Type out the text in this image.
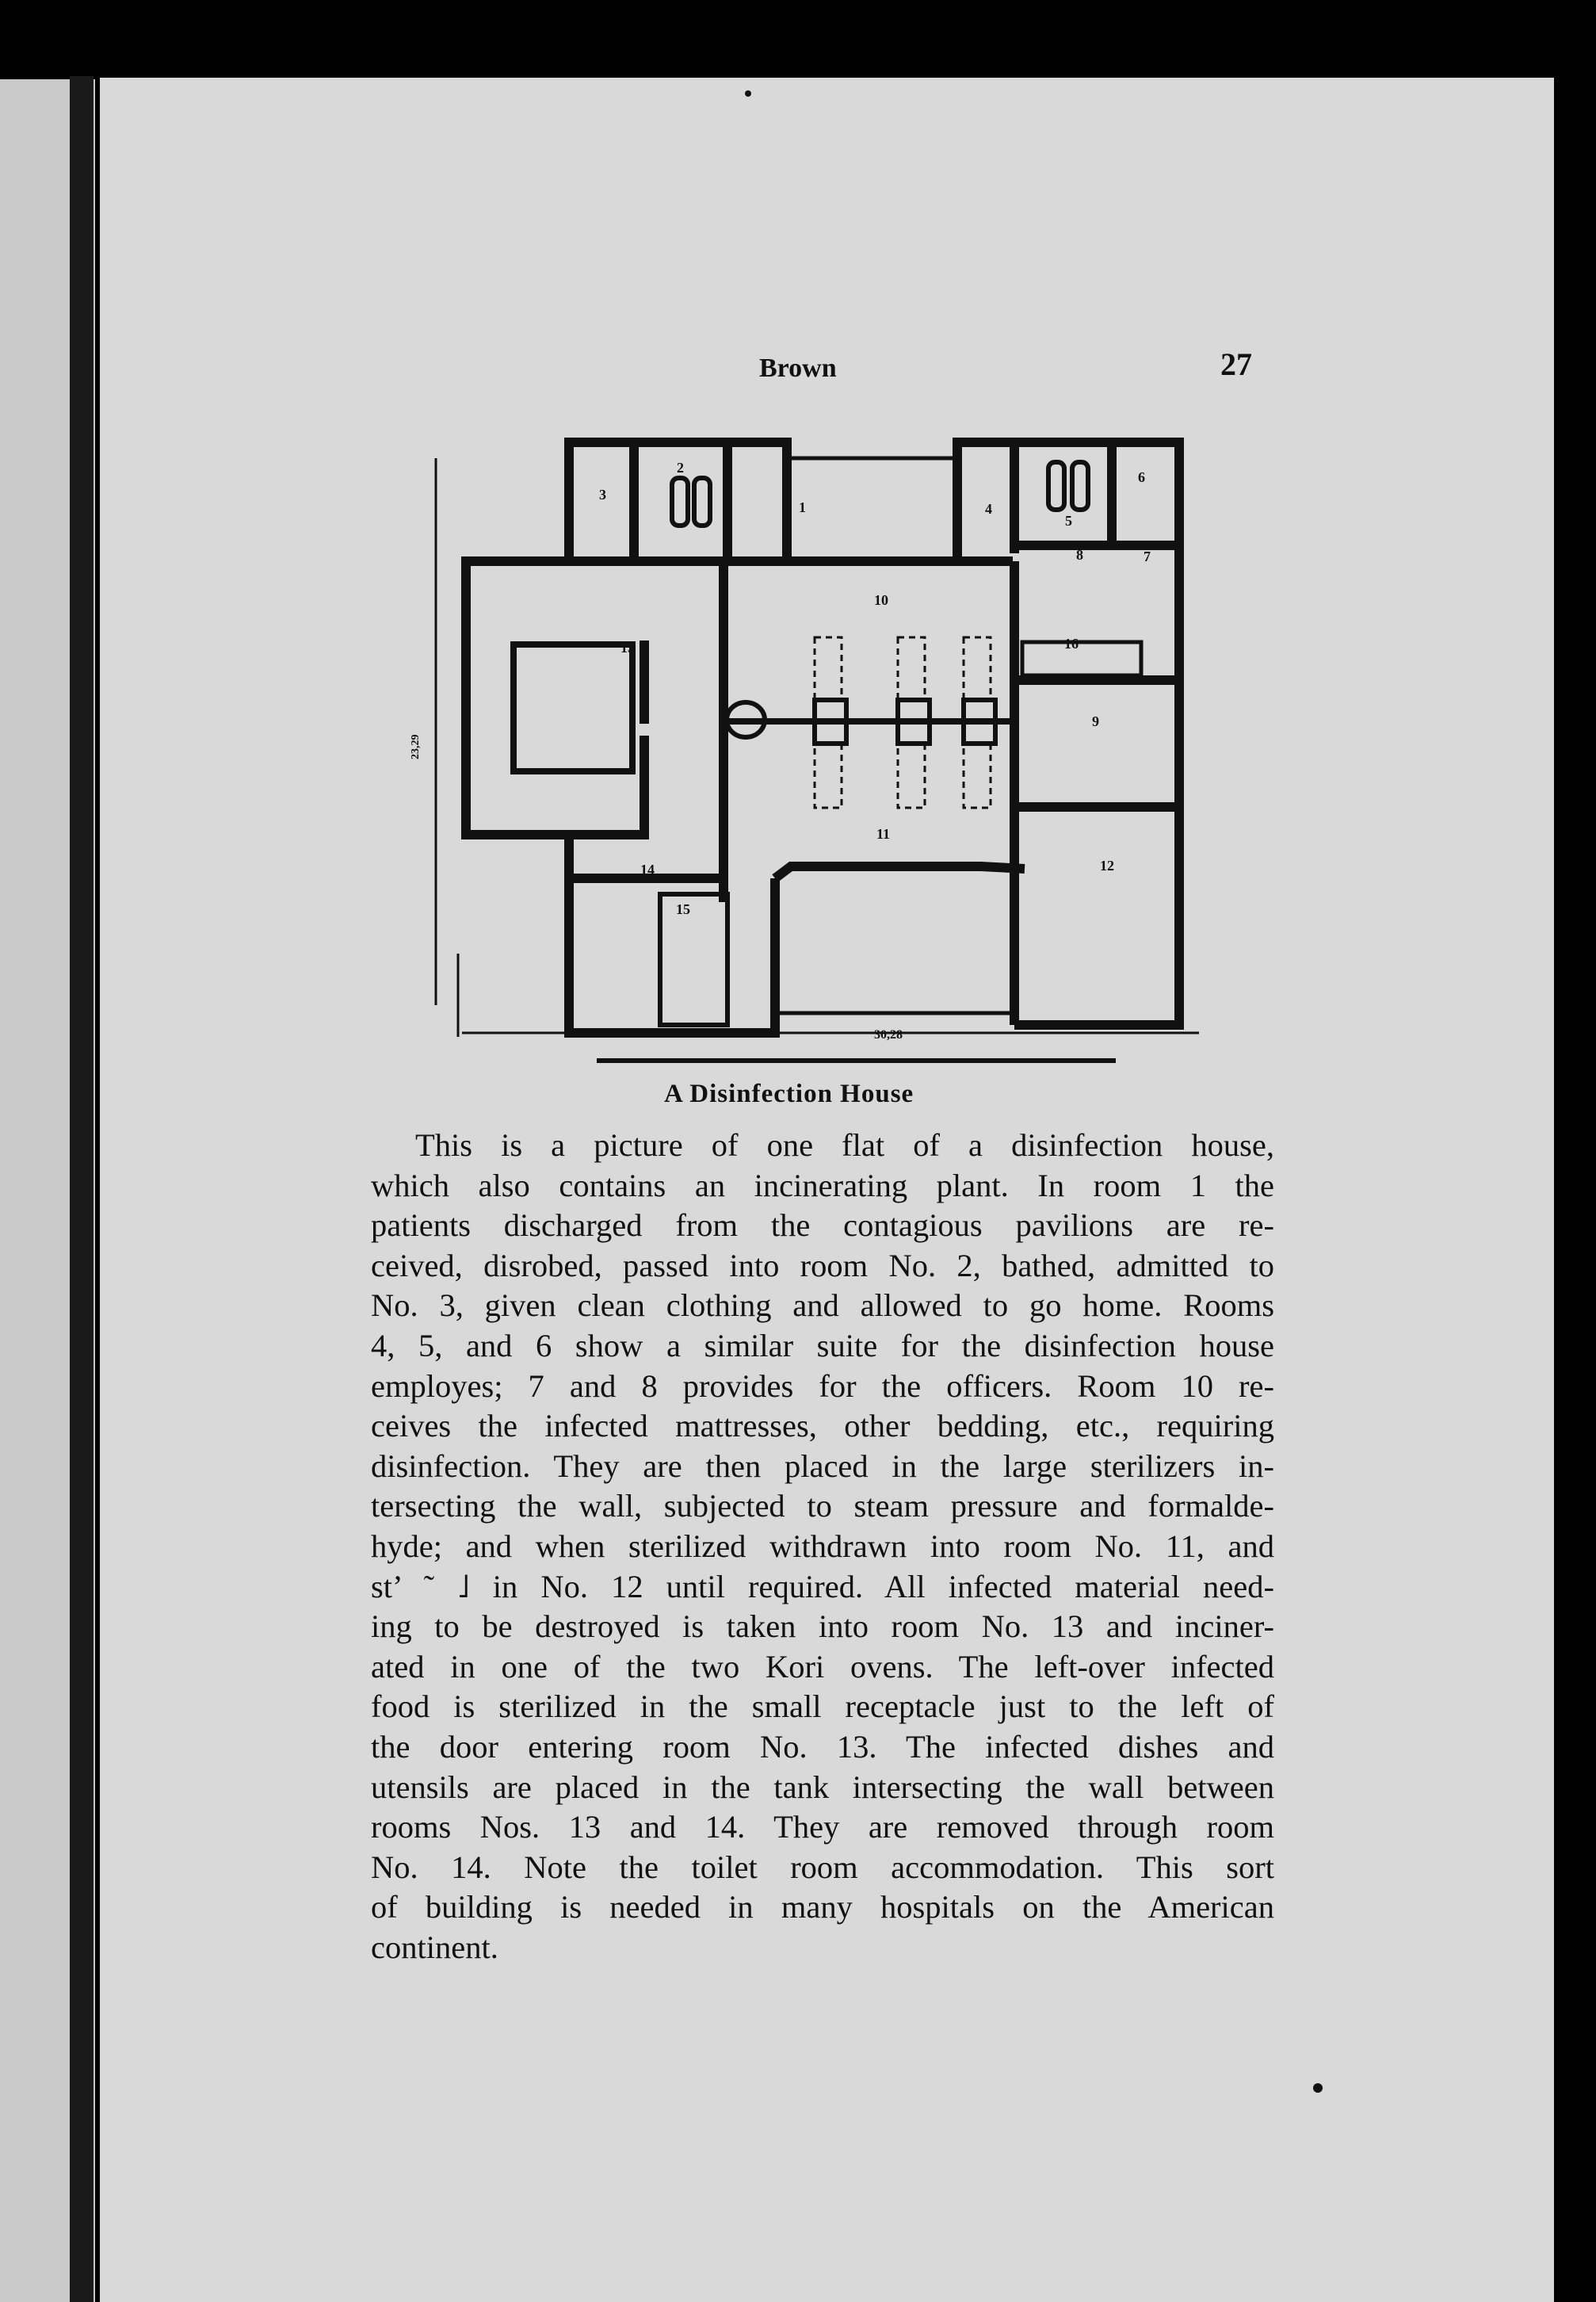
Brown	27
1
2
3
4
5
6
7
8
9
10
11
12
13
14
15
16
23,29
30,28
A Disinfection House
This is a picture of one flat of a disinfection house,
which also contains an incinerating plant. In room 1 the
patients discharged from the contagious pavilions are re-
ceived, disrobed, passed into room No. 2, bathed, admitted to
No. 3, given clean clothing and allowed to go home. Rooms
4, 5, and 6 show a similar suite for the disinfection house
employes; 7 and 8 provides for the officers. Room 10 re-
ceives the infected mattresses, other bedding, etc., requiring
disinfection. They are then placed in the large sterilizers in-
tersecting the wall, subjected to steam pressure and formalde-
hyde; and when sterilized withdrawn into room No. 11, and
st’ ˜ ˩ in No. 12 until required. All infected material need-
ing to be destroyed is taken into room No. 13 and inciner-
ated in one of the two Kori ovens. The left-over infected
food is sterilized in the small receptacle just to the left of
the door entering room No. 13. The infected dishes and
utensils are placed in the tank intersecting the wall between
rooms Nos. 13 and 14. They are removed through room
No. 14. Note the toilet room accommodation. This sort
of building is needed in many hospitals on the American
continent.
